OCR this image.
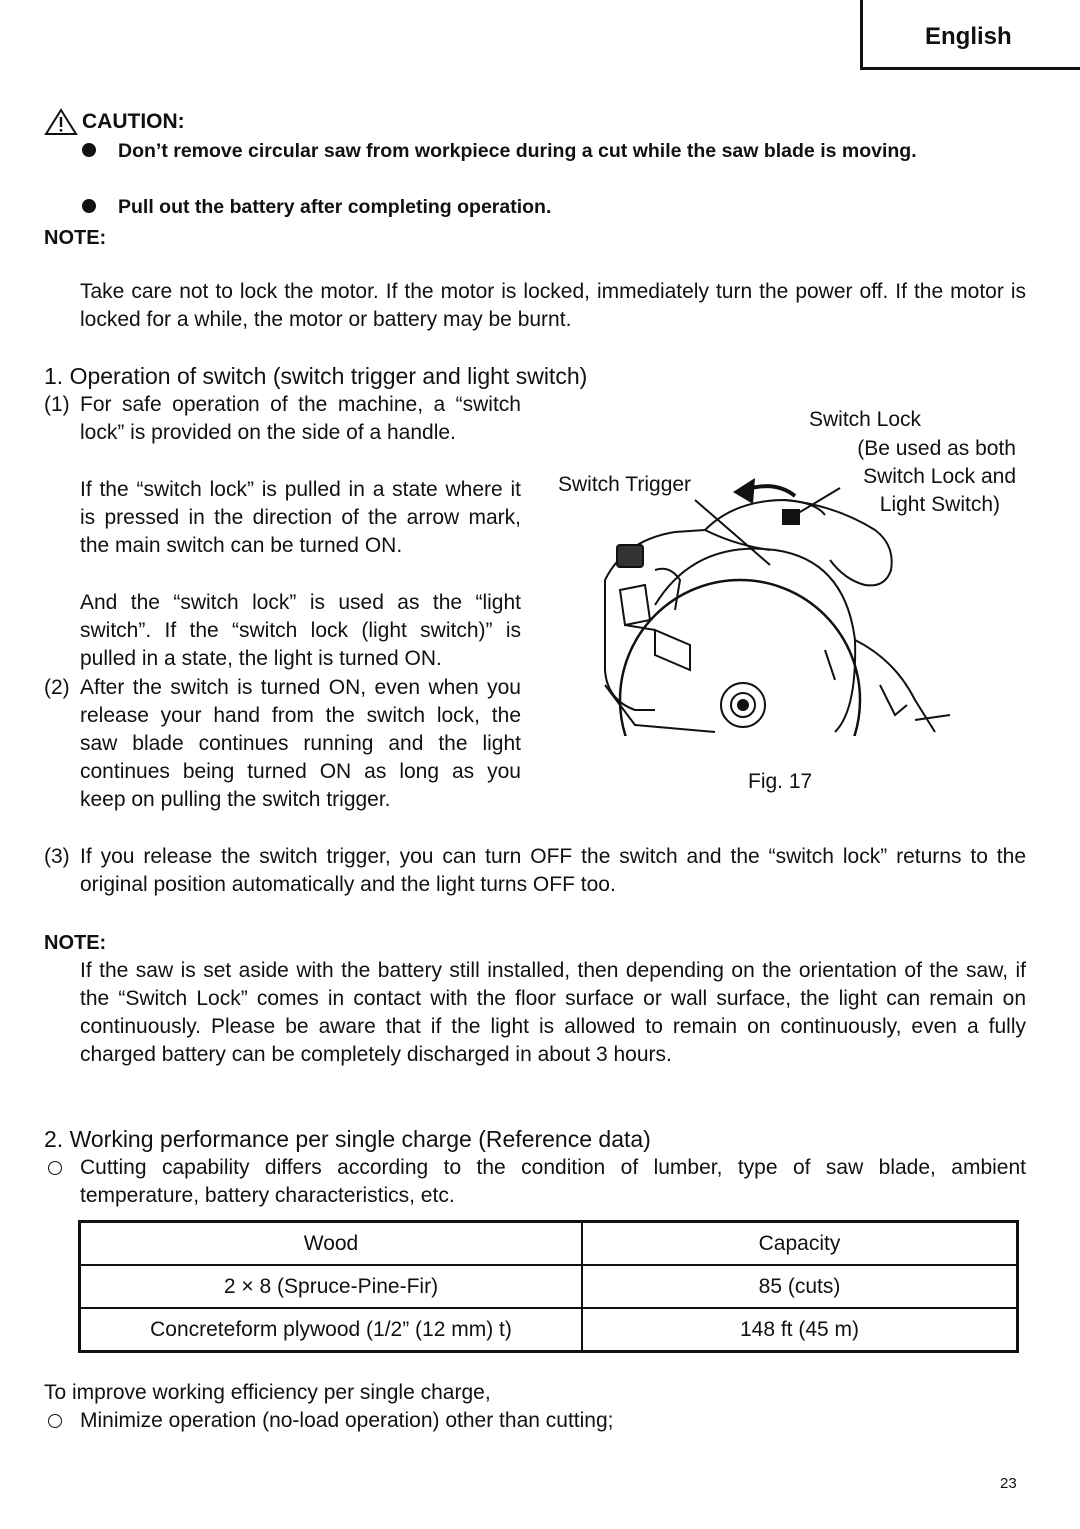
English
CAUTION:
Don’t remove circular saw from workpiece during a cut while the saw blade is moving.
Pull out the battery after completing operation.
NOTE:
Take care not to lock the motor. If the motor is locked, immediately turn the power off. If the motor is locked for a while, the motor or battery may be burnt.
1. Operation of switch (switch trigger and light switch)
(1) For safe operation of the machine, a “switch lock” is provided on the side of a handle.
If the “switch lock” is pulled in a state where it is pressed in the direction of the arrow mark, the main switch can be turned ON.
And the “switch lock” is used as the “light switch”. If the “switch lock (light switch)” is pulled in a state, the light is turned ON.
(2) After the switch is turned ON, even when you release your hand from the switch lock, the saw blade continues running and the light continues being turned ON as long as you keep on pulling the switch trigger.
(3) If you release the switch trigger, you can turn OFF the switch and the “switch lock” returns to the original position automatically and the light turns OFF too.
Switch Lock
(Be used as both
Switch Lock and
Light Switch)
Switch Trigger
Fig. 17
NOTE:
If the saw is set aside with the battery still installed, then depending on the orientation of the saw, if the “Switch Lock” comes in contact with the floor surface or wall surface, the light can remain on continuously. Please be aware that if the light is allowed to remain on continuously, even a fully charged battery can be completely discharged in about 3 hours.
2. Working performance per single charge (Reference data)
Cutting capability differs according to the condition of lumber, type of saw blade, ambient temperature, battery characteristics, etc.
Wood	Capacity
2 × 8 (Spruce-Pine-Fir)	85 (cuts)
Concreteform plywood (1/2” (12 mm) t)	148 ft (45 m)
To improve working efficiency per single charge,
Minimize operation (no-load operation) other than cutting;
23
